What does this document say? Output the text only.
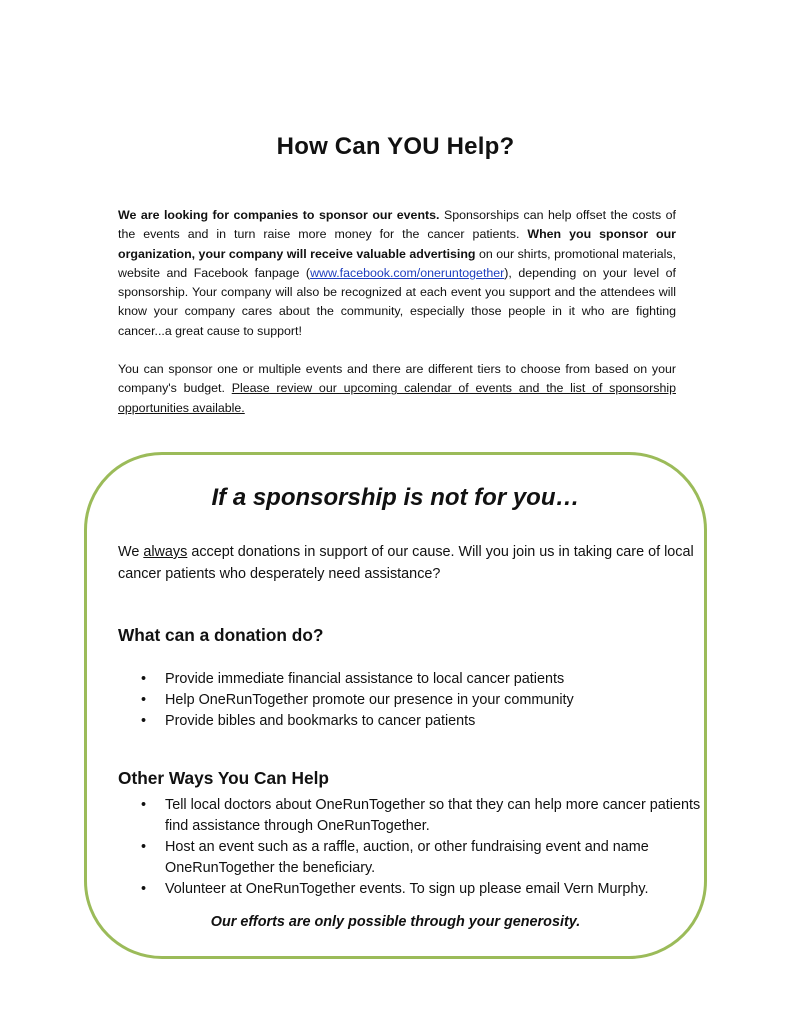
How Can YOU Help?

We are looking for companies to sponsor our events. Sponsorships can help offset the costs of the events and in turn raise more money for the cancer patients. When you sponsor our organization, your company will receive valuable advertising on our shirts, promotional materials, website and Facebook fanpage (www.facebook.com/oneruntogether), depending on your level of sponsorship. Your company will also be recognized at each event you support and the attendees will know your company cares about the community, especially those people in it who are fighting cancer...a great cause to support!

You can sponsor one or multiple events and there are different tiers to choose from based on your company's budget. Please review our upcoming calendar of events and the list of sponsorship opportunities available.

If a sponsorship is not for you…

We always accept donations in support of our cause. Will you join us in taking care of local cancer patients who desperately need assistance?

What can a donation do?
• Provide immediate financial assistance to local cancer patients
• Help OneRunTogether promote our presence in your community
• Provide bibles and bookmarks to cancer patients
Other Ways You Can Help
• Tell local doctors about OneRunTogether so that they can help more cancer patients find assistance through OneRunTogether.
• Host an event such as a raffle, auction, or other fundraising event and name OneRunTogether the beneficiary.
• Volunteer at OneRunTogether events. To sign up please email Vern Murphy.
Our efforts are only possible through your generosity.
